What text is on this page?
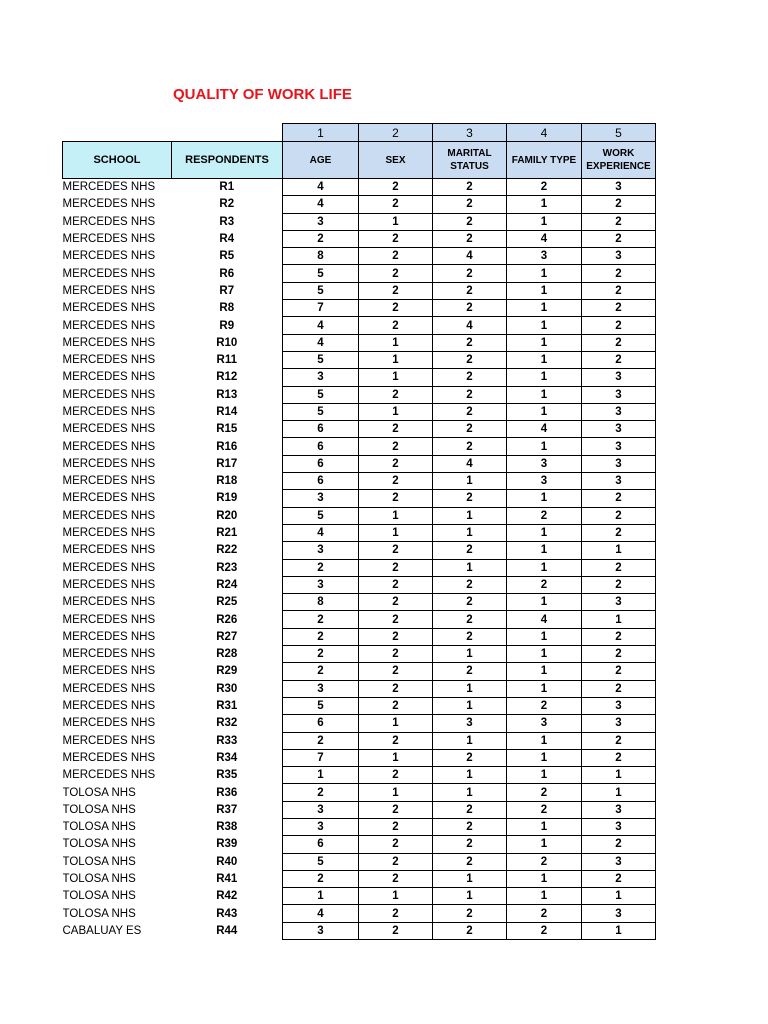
QUALITY OF WORK LIFE
		1	2	3	4	5
SCHOOL	RESPONDENTS	AGE	SEX	MARITAL STATUS	FAMILY TYPE	WORK EXPERIENCE
MERCEDES NHS	R1	4	2	2	2	3
MERCEDES NHS	R2	4	2	2	1	2
MERCEDES NHS	R3	3	1	2	1	2
MERCEDES NHS	R4	2	2	2	4	2
MERCEDES NHS	R5	8	2	4	3	3
MERCEDES NHS	R6	5	2	2	1	2
MERCEDES NHS	R7	5	2	2	1	2
MERCEDES NHS	R8	7	2	2	1	2
MERCEDES NHS	R9	4	2	4	1	2
MERCEDES NHS	R10	4	1	2	1	2
MERCEDES NHS	R11	5	1	2	1	2
MERCEDES NHS	R12	3	1	2	1	3
MERCEDES NHS	R13	5	2	2	1	3
MERCEDES NHS	R14	5	1	2	1	3
MERCEDES NHS	R15	6	2	2	4	3
MERCEDES NHS	R16	6	2	2	1	3
MERCEDES NHS	R17	6	2	4	3	3
MERCEDES NHS	R18	6	2	1	3	3
MERCEDES NHS	R19	3	2	2	1	2
MERCEDES NHS	R20	5	1	1	2	2
MERCEDES NHS	R21	4	1	1	1	2
MERCEDES NHS	R22	3	2	2	1	1
MERCEDES NHS	R23	2	2	1	1	2
MERCEDES NHS	R24	3	2	2	2	2
MERCEDES NHS	R25	8	2	2	1	3
MERCEDES NHS	R26	2	2	2	4	1
MERCEDES NHS	R27	2	2	2	1	2
MERCEDES NHS	R28	2	2	1	1	2
MERCEDES NHS	R29	2	2	2	1	2
MERCEDES NHS	R30	3	2	1	1	2
MERCEDES NHS	R31	5	2	1	2	3
MERCEDES NHS	R32	6	1	3	3	3
MERCEDES NHS	R33	2	2	1	1	2
MERCEDES NHS	R34	7	1	2	1	2
MERCEDES NHS	R35	1	2	1	1	1
TOLOSA NHS	R36	2	1	1	2	1
TOLOSA NHS	R37	3	2	2	2	3
TOLOSA NHS	R38	3	2	2	1	3
TOLOSA NHS	R39	6	2	2	1	2
TOLOSA NHS	R40	5	2	2	2	3
TOLOSA NHS	R41	2	2	1	1	2
TOLOSA NHS	R42	1	1	1	1	1
TOLOSA NHS	R43	4	2	2	2	3
CABALUAY ES	R44	3	2	2	2	1
